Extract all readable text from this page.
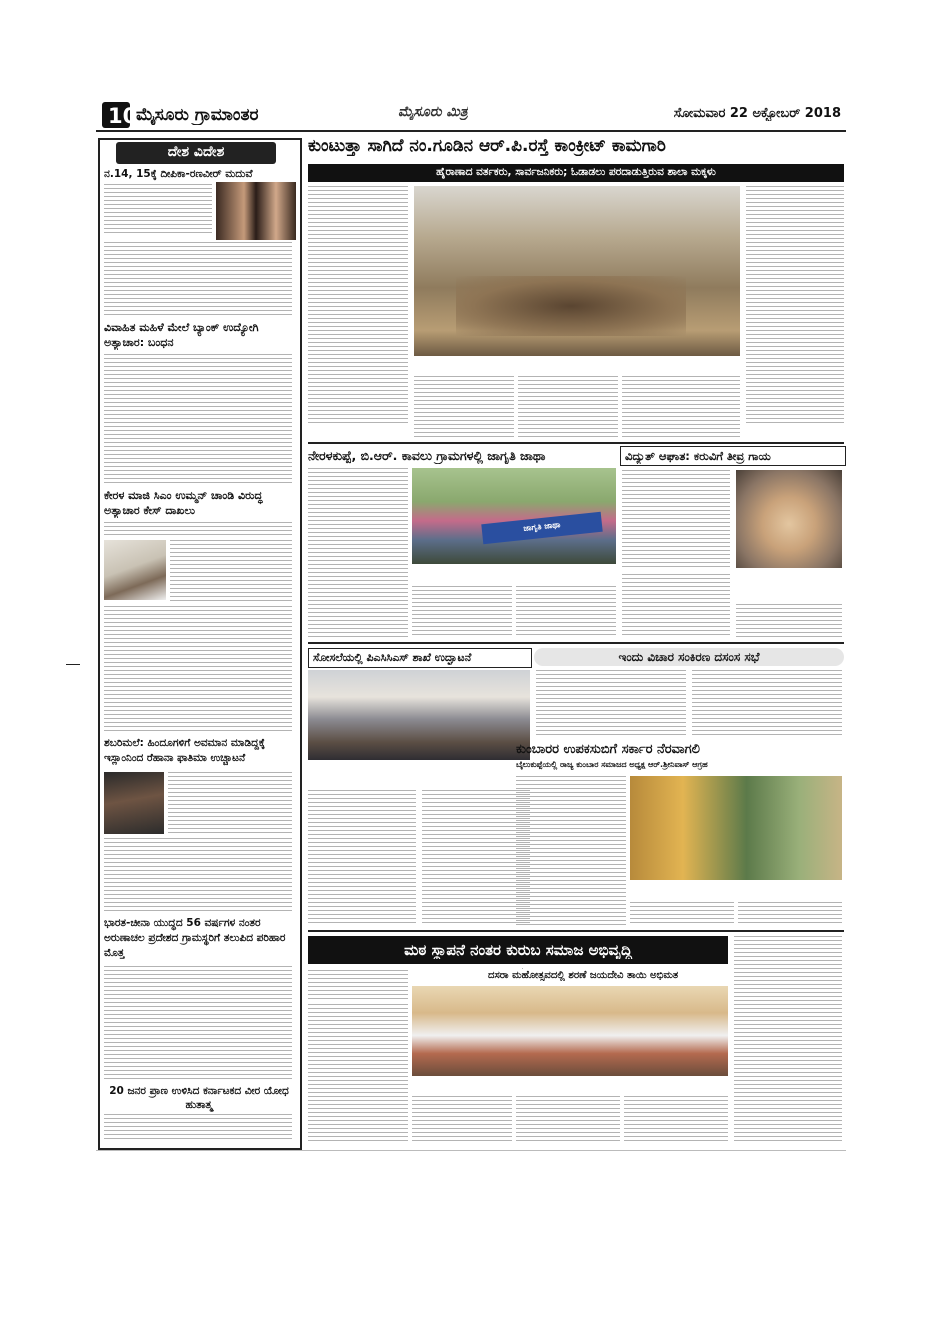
10
ಮೈಸೂರು ಗ್ರಾಮಾಂತರ	ಮೈಸೂರು ಮಿತ್ರ	ಸೋಮವಾರ 22 ಅಕ್ಟೋಬರ್ 2018
ದೇಶ ವಿದೇಶ
ನ.14, 15ಕ್ಕೆ ದೀಪಿಕಾ-ರಣವೀರ್ ಮದುವೆ
ವಿವಾಹಿತ ಮಹಿಳೆ ಮೇಲೆ ಬ್ಯಾಂಕ್ ಉದ್ಯೋಗಿ ಅತ್ಯಾಚಾರ: ಬಂಧನ
ಕೇರಳ ಮಾಜಿ ಸಿಎಂ ಉಮ್ಮನ್ ಚಾಂಡಿ ವಿರುದ್ಧ ಅತ್ಯಾಚಾರ ಕೇಸ್ ದಾಖಲು
ಶಬರಿಮಲೆ: ಹಿಂದೂಗಳಿಗೆ ಅವಮಾನ ಮಾಡಿದ್ದಕ್ಕೆ ಇಸ್ಲಾಂನಿಂದ ರೆಹಾನಾ ಫಾತಿಮಾ ಉಚ್ಚಾಟನೆ
ಭಾರತ-ಚೀನಾ ಯುದ್ಧದ 56 ವರ್ಷಗಳ ನಂತರ ಅರುಣಾಚಲ ಪ್ರದೇಶದ ಗ್ರಾಮಸ್ಥರಿಗೆ ತಲುಪಿದ ಪರಿಹಾರ ಮೊತ್ತ
20 ಜನರ ಪ್ರಾಣ ಉಳಿಸಿದ ಕರ್ನಾಟಕದ ವೀರ ಯೋಧ ಹುತಾತ್ಮ
ಕುಂಟುತ್ತಾ ಸಾಗಿದೆ ನಂ.ಗೂಡಿನ ಆರ್.ಪಿ.ರಸ್ತೆ ಕಾಂಕ್ರೀಟ್ ಕಾಮಗಾರಿ
ಹೈರಾಣಾದ ವರ್ತಕರು, ಸಾರ್ವಜನಿಕರು; ಓಡಾಡಲು ಪರದಾಡುತ್ತಿರುವ ಶಾಲಾ ಮಕ್ಕಳು
ನೇರಳಕುಪ್ಪೆ, ಬಿ.ಆರ್. ಕಾವಲು ಗ್ರಾಮಗಳಲ್ಲಿ ಜಾಗೃತಿ ಜಾಥಾ
ಜಾಗೃತಿ ಜಾಥಾ
ವಿದ್ಯುತ್ ಆಘಾತ: ಕರುವಿಗೆ ತೀವ್ರ ಗಾಯ
ಸೋಸಲೆಯಲ್ಲಿ ಪಿಎಸಿಸಿಎಸ್ ಶಾಖೆ ಉದ್ಘಾಟನೆ	ಇಂದು ವಿಚಾರ ಸಂಕಿರಣ ದಸಂಸ ಸಭೆ
ಕುಂಬಾರರ ಉಪಕಸುಬಿಗೆ ಸರ್ಕಾರ ನೆರವಾಗಲಿ
ಬೈಲುಕುಪ್ಪೆಯಲ್ಲಿ ರಾಜ್ಯ ಕುಂಬಾರ ಸಮಾಜದ ಅಧ್ಯಕ್ಷ ಆರ್.ಶ್ರೀನಿವಾಸ್ ಆಗ್ರಹ
ಮಠ ಸ್ಥಾಪನೆ ನಂತರ ಕುರುಬ ಸಮಾಜ ಅಭಿವೃದ್ಧಿ
ದಸರಾ ಮಹೋತ್ಸವದಲ್ಲಿ ಶರಣೆ ಜಯದೇವಿ ತಾಯಿ ಅಭಿಮತ
